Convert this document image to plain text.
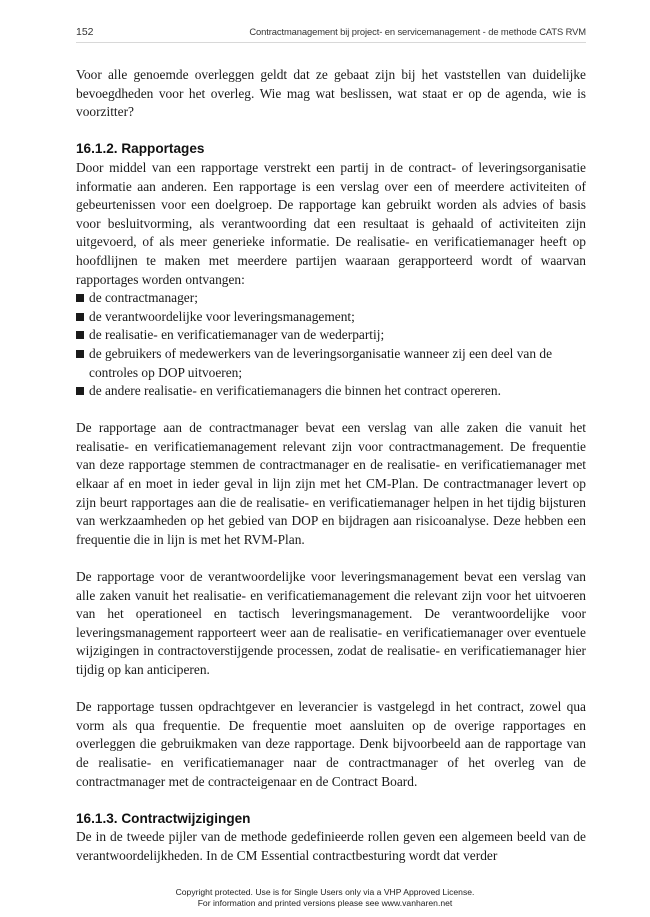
152	Contractmanagement bij project- en servicemanagement - de methode CATS RVM

Voor alle genoemde overleggen geldt dat ze gebaat zijn bij het vaststellen van duidelijke bevoegdheden voor het overleg. Wie mag wat beslissen, wat staat er op de agenda, wie is voorzitter?

16.1.2. Rapportages

Door middel van een rapportage verstrekt een partij in de contract- of leveringsorganisatie informatie aan anderen. Een rapportage is een verslag over een of meerdere activiteiten of gebeurtenissen voor een doelgroep. De rapportage kan gebruikt worden als advies of basis voor besluitvorming, als verantwoording dat een resultaat is gehaald of activiteiten zijn uitgevoerd, of als meer generieke informatie. De realisatie- en verificatiemanager heeft op hoofdlijnen te maken met meerdere partijen waaraan gerapporteerd wordt of waarvan rapportages worden ontvangen:

de contractmanager;
de verantwoordelijke voor leveringsmanagement;
de realisatie- en verificatiemanager van de wederpartij;
de gebruikers of medewerkers van de leveringsorganisatie wanneer zij een deel van de controles op DOP uitvoeren;
de andere realisatie- en verificatiemanagers die binnen het contract opereren.

De rapportage aan de contractmanager bevat een verslag van alle zaken die vanuit het realisatie- en verificatiemanagement relevant zijn voor contractmanagement. De frequentie van deze rapportage stemmen de contractmanager en de realisatie- en verificatiemanager met elkaar af en moet in ieder geval in lijn zijn met het CM-Plan. De contractmanager levert op zijn beurt rapportages aan die de realisatie- en verificatiemanager helpen in het tijdig bijsturen van werkzaamheden op het gebied van DOP en bijdragen aan risicoanalyse. Deze hebben een frequentie die in lijn is met het RVM-Plan.

De rapportage voor de verantwoordelijke voor leveringsmanagement bevat een verslag van alle zaken vanuit het realisatie- en verificatiemanagement die relevant zijn voor het uitvoeren van het operationeel en tactisch leveringsmanagement. De verantwoordelijke voor leveringsmanagement rapporteert weer aan de realisatie- en verificatiemanager over eventuele wijzigingen in contractoverstijgende processen, zodat de realisatie- en verificatiemanager hier tijdig op kan anticiperen.

De rapportage tussen opdrachtgever en leverancier is vastgelegd in het contract, zowel qua vorm als qua frequentie. De frequentie moet aansluiten op de overige rapportages en overleggen die gebruikmaken van deze rapportage. Denk bijvoorbeeld aan de rapportage van de realisatie- en verificatiemanager naar de contractmanager of het overleg van de contractmanager met de contracteigenaar en de Contract Board.

16.1.3. Contractwijzigingen

De in de tweede pijler van de methode gedefinieerde rollen geven een algemeen beeld van de verantwoordelijkheden. In de CM Essential contractbesturing wordt dat verder

Copyright protected. Use is for Single Users only via a VHP Approved License.
For information and printed versions please see www.vanharen.net
